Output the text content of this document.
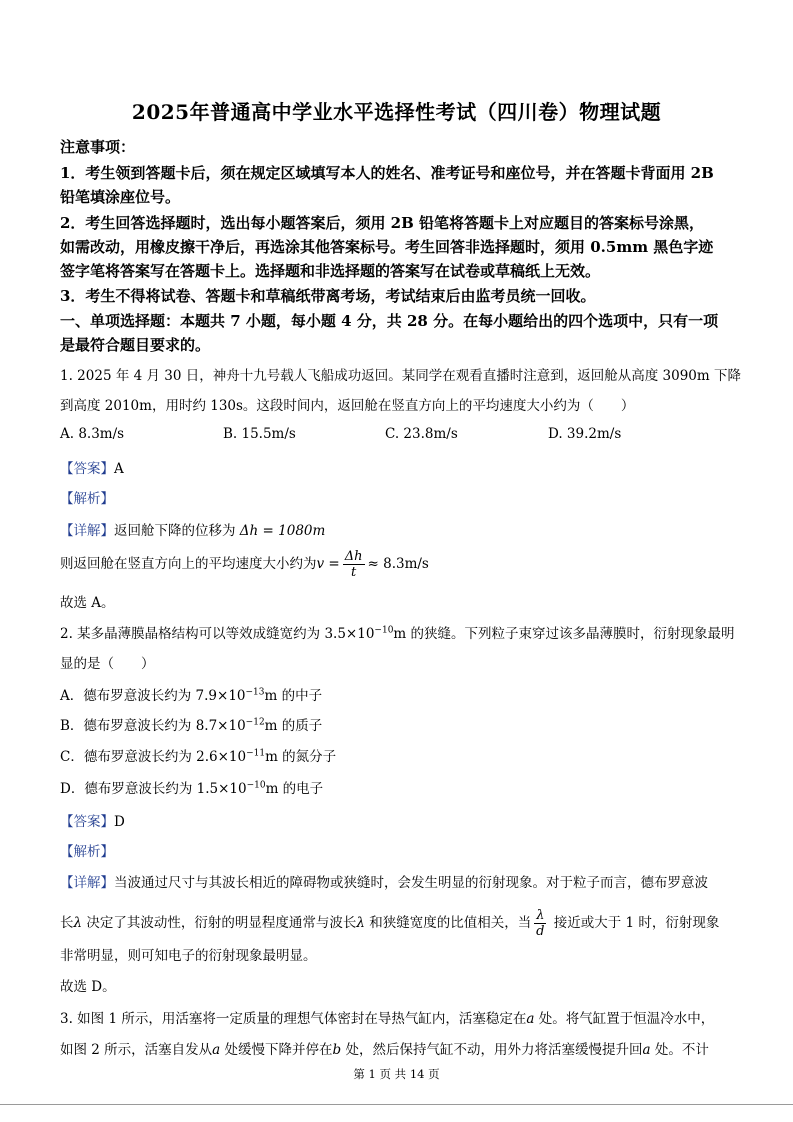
2025年普通高中学业水平选择性考试（四川卷）物理试题
注意事项：
1．考生领到答题卡后，须在规定区域填写本人的姓名、准考证号和座位号，并在答题卡背面用 2B
铅笔填涂座位号。
2．考生回答选择题时，选出每小题答案后，须用 2B 铅笔将答题卡上对应题目的答案标号涂黑，
如需改动，用橡皮擦干净后，再选涂其他答案标号。考生回答非选择题时，须用 0.5mm 黑色字迹
签字笔将答案写在答题卡上。选择题和非选择题的答案写在试卷或草稿纸上无效。
3．考生不得将试卷、答题卡和草稿纸带离考场，考试结束后由监考员统一回收。
一、单项选择题：本题共 7 小题，每小题 4 分，共 28 分。在每小题给出的四个选项中，只有一项
是最符合题目要求的。
1. 2025 年 4 月 30 日，神舟十九号载人飞船成功返回。某同学在观看直播时注意到，返回舱从高度 3090m 下降
到高度 2010m，用时约 130s。这段时间内，返回舱在竖直方向上的平均速度大小约为（　　）
A. 8.3m/s	B. 15.5m/s	C. 23.8m/s	D. 39.2m/s
【答案】A
【解析】
【详解】返回舱下降的位移为 Δh = 1080m
则返回舱在竖直方向上的平均速度大小约为$v = \frac{\Delta h}{t} \approx 8.3m/s$
故选 A。
2. 某多晶薄膜晶格结构可以等效成缝宽约为 $3.5\times 10^{-10}m$ 的狭缝。下列粒子束穿过该多晶薄膜时，衍射现象最明
显的是（　　）
A．德布罗意波长约为 $7.9\times 10^{-13}m$ 的中子
B．德布罗意波长约为 $8.7\times 10^{-12}m$ 的质子
C．德布罗意波长约为 $2.6\times 10^{-11}m$ 的氮分子
D．德布罗意波长约为 $1.5\times 10^{-10}m$ 的电子
【答案】D
【解析】
【详解】当波通过尺寸与其波长相近的障碍物或狭缝时，会发生明显的衍射现象。对于粒子而言，德布罗意波
长λ 决定了其波动性，衍射的明显程度通常与波长λ 和狭缝宽度的比值相关，当 $\frac{\lambda}{d}$ 接近或大于 1 时，衍射现象
非常明显，则可知电子的衍射现象最明显。
故选 D。
3. 如图 1 所示，用活塞将一定质量的理想气体密封在导热气缸内，活塞稳定在a 处。将气缸置于恒温冷水中，
如图 2 所示，活塞自发从a 处缓慢下降并停在b 处，然后保持气缸不动，用外力将活塞缓慢提升回a 处。不计
第 1 页 共 14 页
